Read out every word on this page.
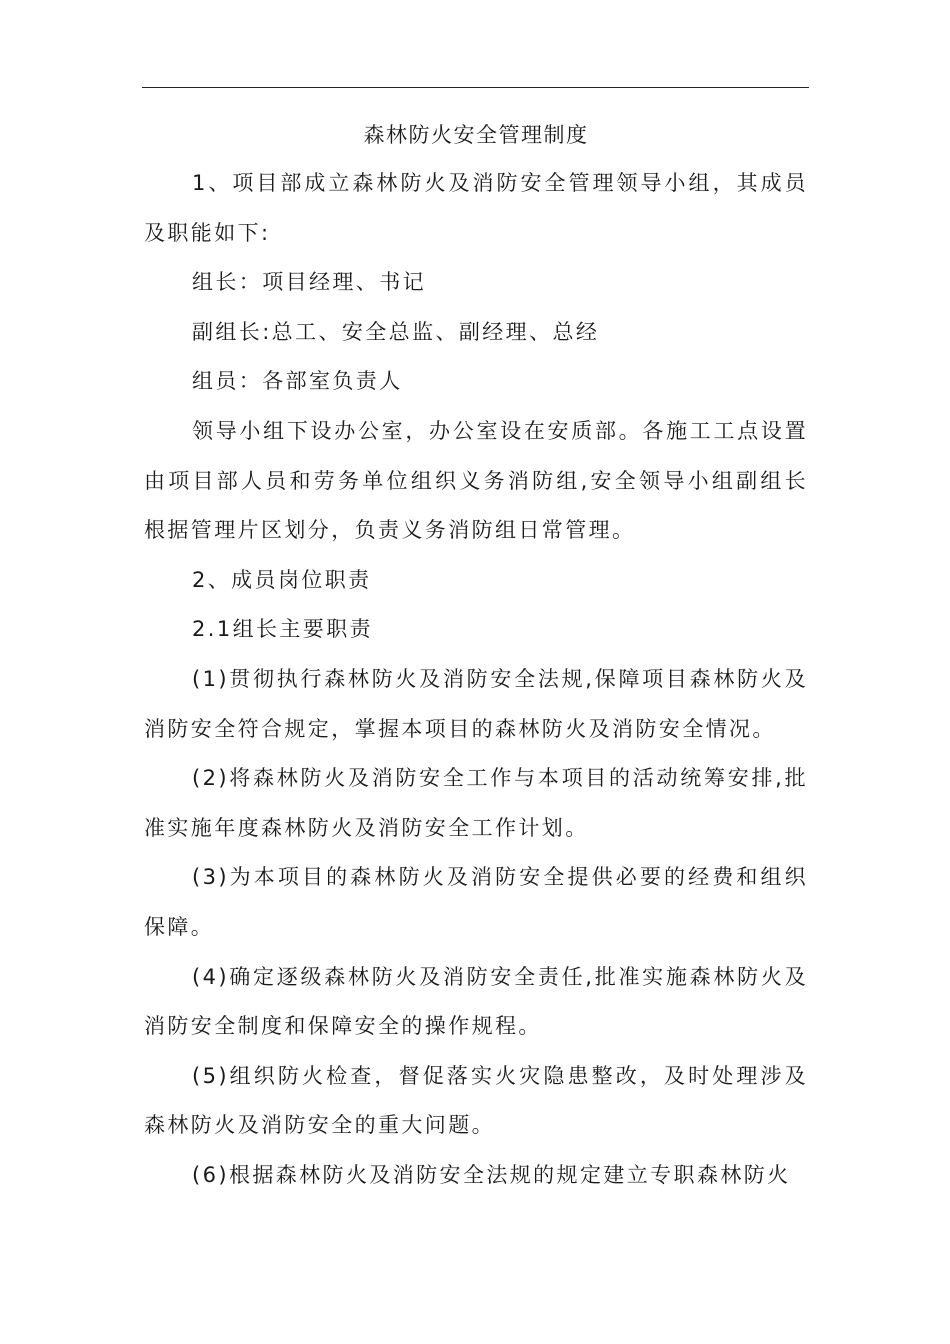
森林防火安全管理制度

1、项目部成立森林防火及消防安全管理领导小组，其成员及职能如下:

组长：项目经理、书记

副组长:总工、安全总监、副经理、总经

组员：各部室负责人

领导小组下设办公室，办公室设在安质部。各施工工点设置由项目部人员和劳务单位组织义务消防组,安全领导小组副组长根据管理片区划分，负责义务消防组日常管理。

2、成员岗位职责

2.1组长主要职责

(1)贯彻执行森林防火及消防安全法规,保障项目森林防火及消防安全符合规定，掌握本项目的森林防火及消防安全情况。

(2)将森林防火及消防安全工作与本项目的活动统筹安排,批准实施年度森林防火及消防安全工作计划。

(3)为本项目的森林防火及消防安全提供必要的经费和组织保障。

(4)确定逐级森林防火及消防安全责任,批准实施森林防火及消防安全制度和保障安全的操作规程。

(5)组织防火检查，督促落实火灾隐患整改，及时处理涉及森林防火及消防安全的重大问题。

(6)根据森林防火及消防安全法规的规定建立专职森林防火
